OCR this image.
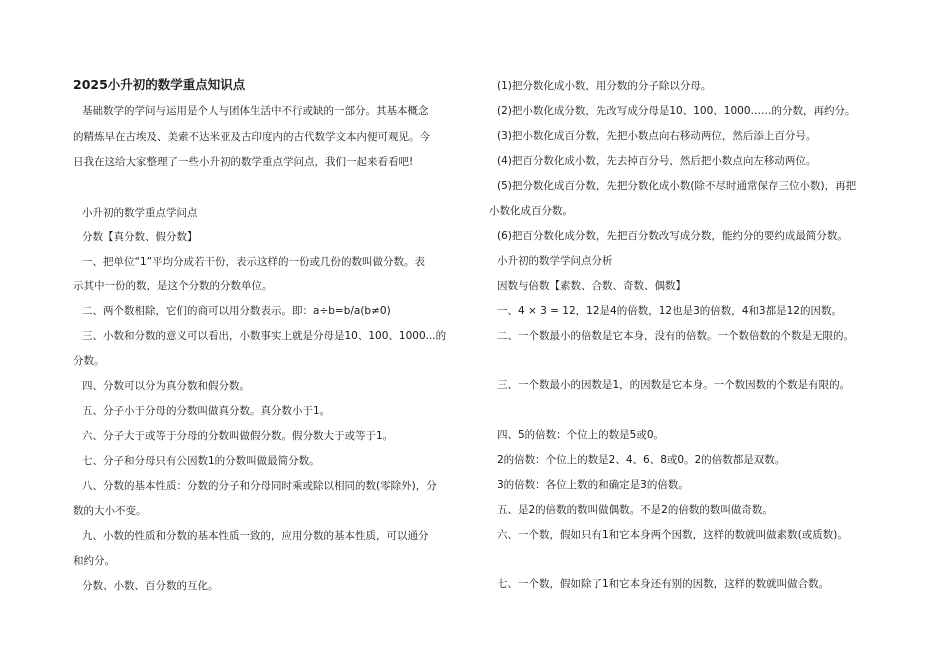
2025小升初的数学重点知识点
基础数学的学问与运用是个人与团体生活中不行或缺的一部分。其基本概念
的精炼早在古埃及、美索不达米亚及古印度内的古代数学文本内便可观见。今
日我在这给大家整理了一些小升初的数学重点学问点，我们一起来看看吧!
小升初的数学重点学问点
分数【真分数、假分数】
一、把单位“1”平均分成若干份，表示这样的一份或几份的数叫做分数。表
示其中一份的数，是这个分数的分数单位。
二、两个数相除，它们的商可以用分数表示。即：a÷b=b/a(b≠0)
三、小数和分数的意义可以看出，小数事实上就是分母是10、100、1000...的
分数。
四、分数可以分为真分数和假分数。
五、分子小于分母的分数叫做真分数。真分数小于1。
六、分子大于或等于分母的分数叫做假分数。假分数大于或等于1。
七、分子和分母只有公因数1的分数叫做最简分数。
八、分数的基本性质：分数的分子和分母同时乘或除以相同的数(零除外)，分
数的大小不变。
九、小数的性质和分数的基本性质一致的，应用分数的基本性质，可以通分
和约分。
分数、小数、百分数的互化。
(1)把分数化成小数，用分数的分子除以分母。
(2)把小数化成分数，先改写成分母是10、100、1000……的分数，再约分。
(3)把小数化成百分数，先把小数点向右移动两位，然后添上百分号。
(4)把百分数化成小数，先去掉百分号，然后把小数点向左移动两位。
(5)把分数化成百分数，先把分数化成小数(除不尽时通常保存三位小数)，再把
小数化成百分数。
(6)把百分数化成分数，先把百分数改写成分数，能约分的要约成最简分数。
小升初的数学学问点分析
因数与倍数【素数、合数、奇数、偶数】
一、4 × 3 = 12，12是4的倍数，12也是3的倍数，4和3都是12的因数。
二、一个数最小的倍数是它本身，没有的倍数。一个数倍数的个数是无限的。
三、一个数最小的因数是1，的因数是它本身。一个数因数的个数是有限的。
四、5的倍数：个位上的数是5或0。
2的倍数：个位上的数是2、4、6、8或0。2的倍数都是双数。
3的倍数：各位上数的和确定是3的倍数。
五、是2的倍数的数叫做偶数。不是2的倍数的数叫做奇数。
六、一个数，假如只有1和它本身两个因数，这样的数就叫做素数(或质数)。
七、一个数，假如除了1和它本身还有别的因数，这样的数就叫做合数。
